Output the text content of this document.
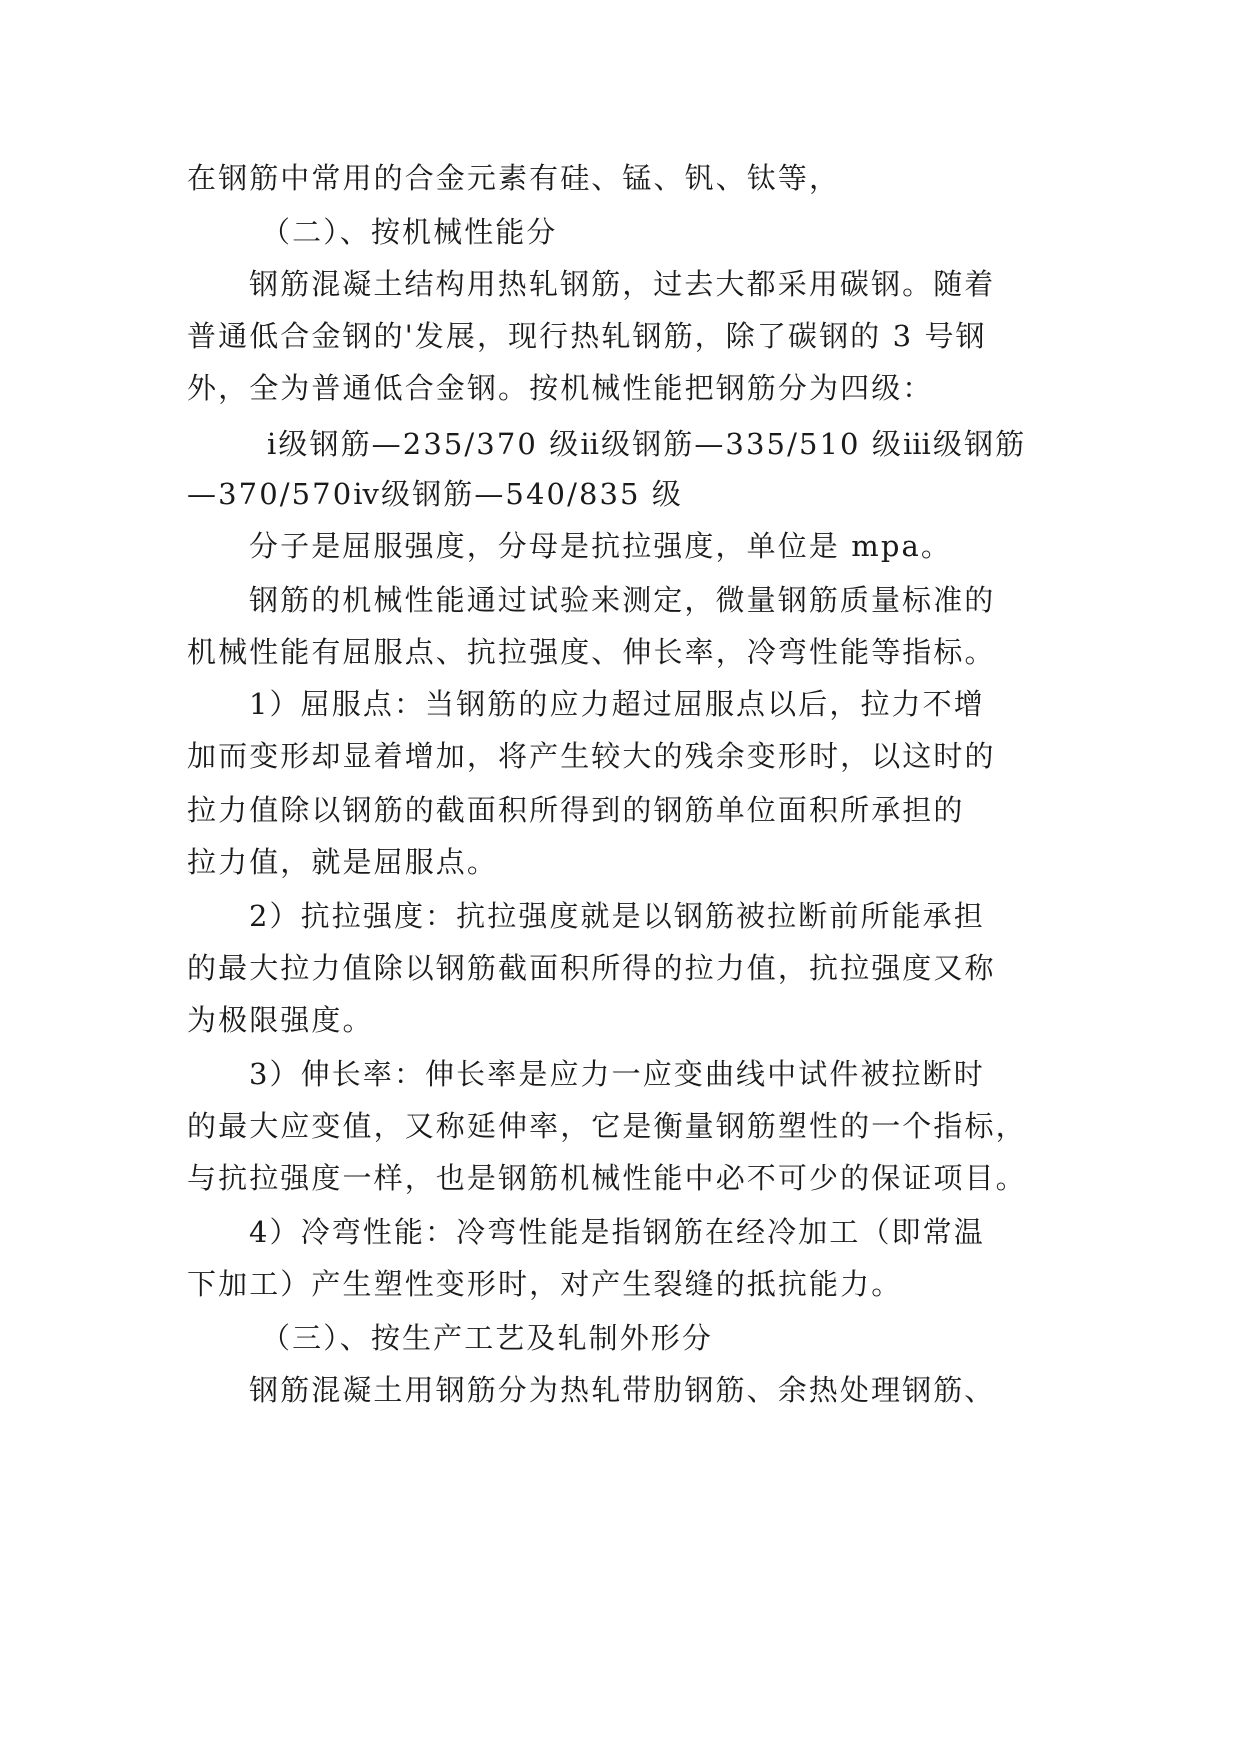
在钢筋中常用的合金元素有硅、锰、钒、钛等，
（二）、按机械性能分
钢筋混凝土结构用热轧钢筋，过去大都采用碳钢。随着
普通低合金钢的'发展，现行热轧钢筋，除了碳钢的 3 号钢
外，全为普通低合金钢。按机械性能把钢筋分为四级：
ⅰ级钢筋—235/370 级ⅱ级钢筋—335/510 级ⅲ级钢筋
—370/570ⅳ级钢筋—540/835 级
分子是屈服强度，分母是抗拉强度，单位是 mpa。
钢筋的机械性能通过试验来测定，微量钢筋质量标准的
机械性能有屈服点、抗拉强度、伸长率，冷弯性能等指标。
1）屈服点：当钢筋的应力超过屈服点以后，拉力不增
加而变形却显着增加，将产生较大的残余变形时，以这时的
拉力值除以钢筋的截面积所得到的钢筋单位面积所承担的
拉力值，就是屈服点。
2）抗拉强度：抗拉强度就是以钢筋被拉断前所能承担
的最大拉力值除以钢筋截面积所得的拉力值，抗拉强度又称
为极限强度。
3）伸长率：伸长率是应力一应变曲线中试件被拉断时
的最大应变值，又称延伸率，它是衡量钢筋塑性的一个指标，
与抗拉强度一样，也是钢筋机械性能中必不可少的保证项目。
4）冷弯性能：冷弯性能是指钢筋在经冷加工（即常温
下加工）产生塑性变形时，对产生裂缝的抵抗能力。
（三）、按生产工艺及轧制外形分
钢筋混凝土用钢筋分为热轧带肋钢筋、余热处理钢筋、
